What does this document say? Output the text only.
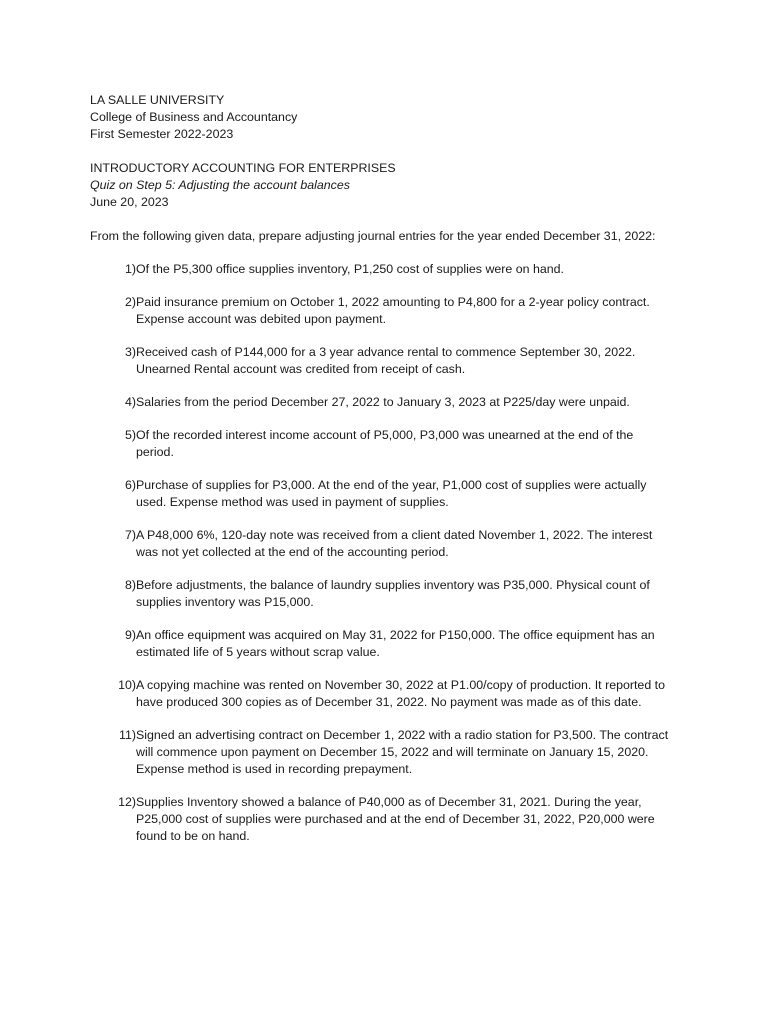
LA SALLE UNIVERSITY
College of Business and Accountancy
First Semester 2022-2023
INTRODUCTORY ACCOUNTING FOR ENTERPRISES
Quiz on Step 5: Adjusting the account balances
June 20, 2023
From the following given data, prepare adjusting journal entries for the year ended December 31, 2022:
1) Of the P5,300 office supplies inventory, P1,250 cost of supplies were on hand.
2) Paid insurance premium on October 1, 2022 amounting to P4,800 for a 2-year policy contract.
Expense account was debited upon payment.
3) Received cash of P144,000 for a 3 year advance rental to commence September 30, 2022.
Unearned Rental account was credited from receipt of cash.
4) Salaries from the period December 27, 2022 to January 3, 2023 at P225/day were unpaid.
5) Of the recorded interest income account of P5,000, P3,000 was unearned at the end of the
period.
6) Purchase of supplies for P3,000. At the end of the year, P1,000 cost of supplies were actually
used. Expense method was used in payment of supplies.
7) A P48,000 6%, 120-day note was received from a client dated November 1, 2022. The interest
was not yet collected at the end of the accounting period.
8) Before adjustments, the balance of laundry supplies inventory was P35,000. Physical count of
supplies inventory was P15,000.
9) An office equipment was acquired on May 31, 2022 for P150,000. The office equipment has an
estimated life of 5 years without scrap value.
10) A copying machine was rented on November 30, 2022 at P1.00/copy of production. It reported to
have produced 300 copies as of December 31, 2022. No payment was made as of this date.
11) Signed an advertising contract on December 1, 2022 with a radio station for P3,500. The contract
will commence upon payment on December 15, 2022 and will terminate on January 15, 2020.
Expense method is used in recording prepayment.
12) Supplies Inventory showed a balance of P40,000 as of December 31, 2021. During the year,
P25,000 cost of supplies were purchased and at the end of December 31, 2022, P20,000 were
found to be on hand.
